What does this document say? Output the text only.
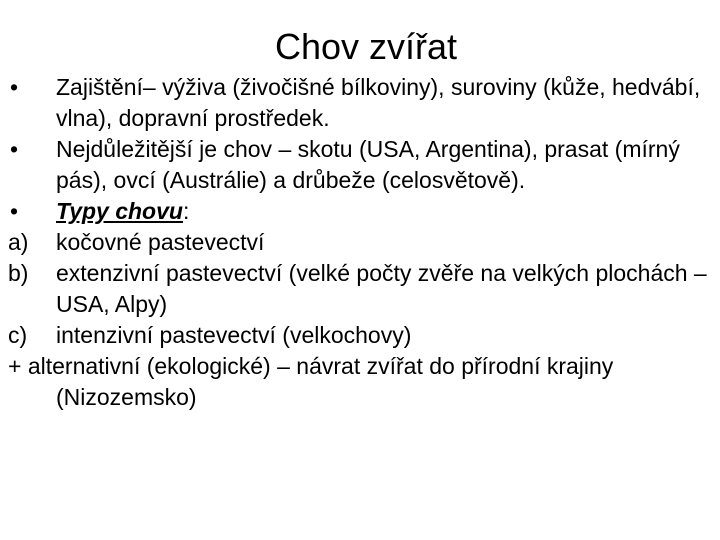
Chov zvířat
• Zajištění– výživa (živočišné bílkoviny), suroviny (kůže, hedvábí, vlna), dopravní prostředek.
• Nejdůležitější je chov – skotu (USA, Argentina), prasat (mírný pás), ovcí (Austrálie) a drůbeže (celosvětově).
• Typy chovu:
a) kočovné pastevectví
b) extenzivní pastevectví (velké počty zvěře na velkých plochách – USA, Alpy)
c) intenzivní pastevectví (velkochovy)
+ alternativní (ekologické) – návrat zvířat do přírodní krajiny (Nizozemsko)
